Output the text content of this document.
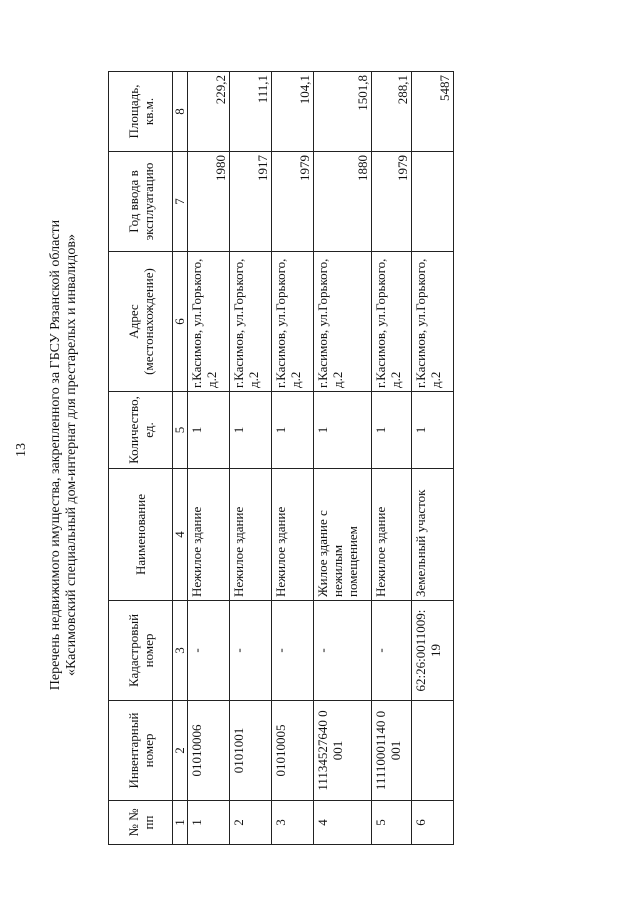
13 Перечень недвижимого имущества, закрепленного за ГБСУ Рязанской области «Касимовский специальный дом-интернат для престарелых и инвалидов»
№ № пп	Инвентарный номер	Кадастровый номер	Наименование	Количество, ед.	Адрес (местонахождение)	Год ввода в эксплуатацию	Площадь, кв.м.
1	2	3	4	5	6	7	8
1	01010006	-	Нежилое здание	1	г.Касимов, ул.Горького, д.2	1980	229,2
2	0101001	-	Нежилое здание	1	г.Касимов, ул.Горького, д.2	1917	111,1
3	01010005	-	Нежилое здание	1	г.Касимов, ул.Горького, д.2	1979	104,1
4	11134527640 0 001	-	Жилое здание с нежилым помещением	1	г.Касимов, ул.Горького, д.2	1880	1501,8
5	11110001140 0 001	-	Нежилое здание	1	г.Касимов, ул.Горького, д.2	1979	288,1
6		62:26:0011009: 19	Земельный участок	1	г.Касимов, ул.Горького, д.2		5487
